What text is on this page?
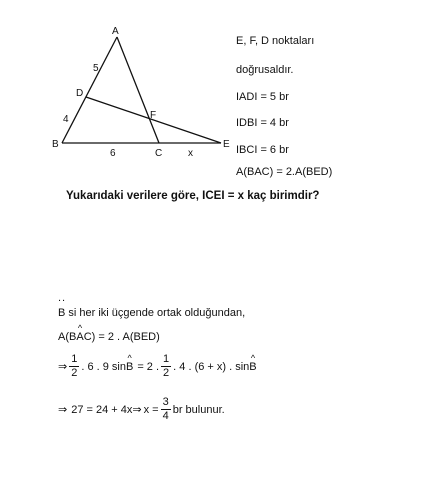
A
B
C
D
E
F
5
4
6	x
E, F, D noktaları
doğrusaldır.
IADI = 5 br
IDBI = 4 br
IBCI = 6 br
A(BAC) = 2.A(BED)
Yukarıdaki verilere göre, ICEI = x kaç birimdir?
..
B si her iki üçgende ortak olduğundan,
A(B^ AC) = 2 . A(BED)
⇒ $\frac{1}{2}$ . 6 . 9 sin ^ B = 2 . $\frac{1}{2}$ . 4 . (6 + x) . sin ^ B
⇒ 27 = 24 + 4x ⇒ $x = \frac{3}{4}$ br bulunur.
